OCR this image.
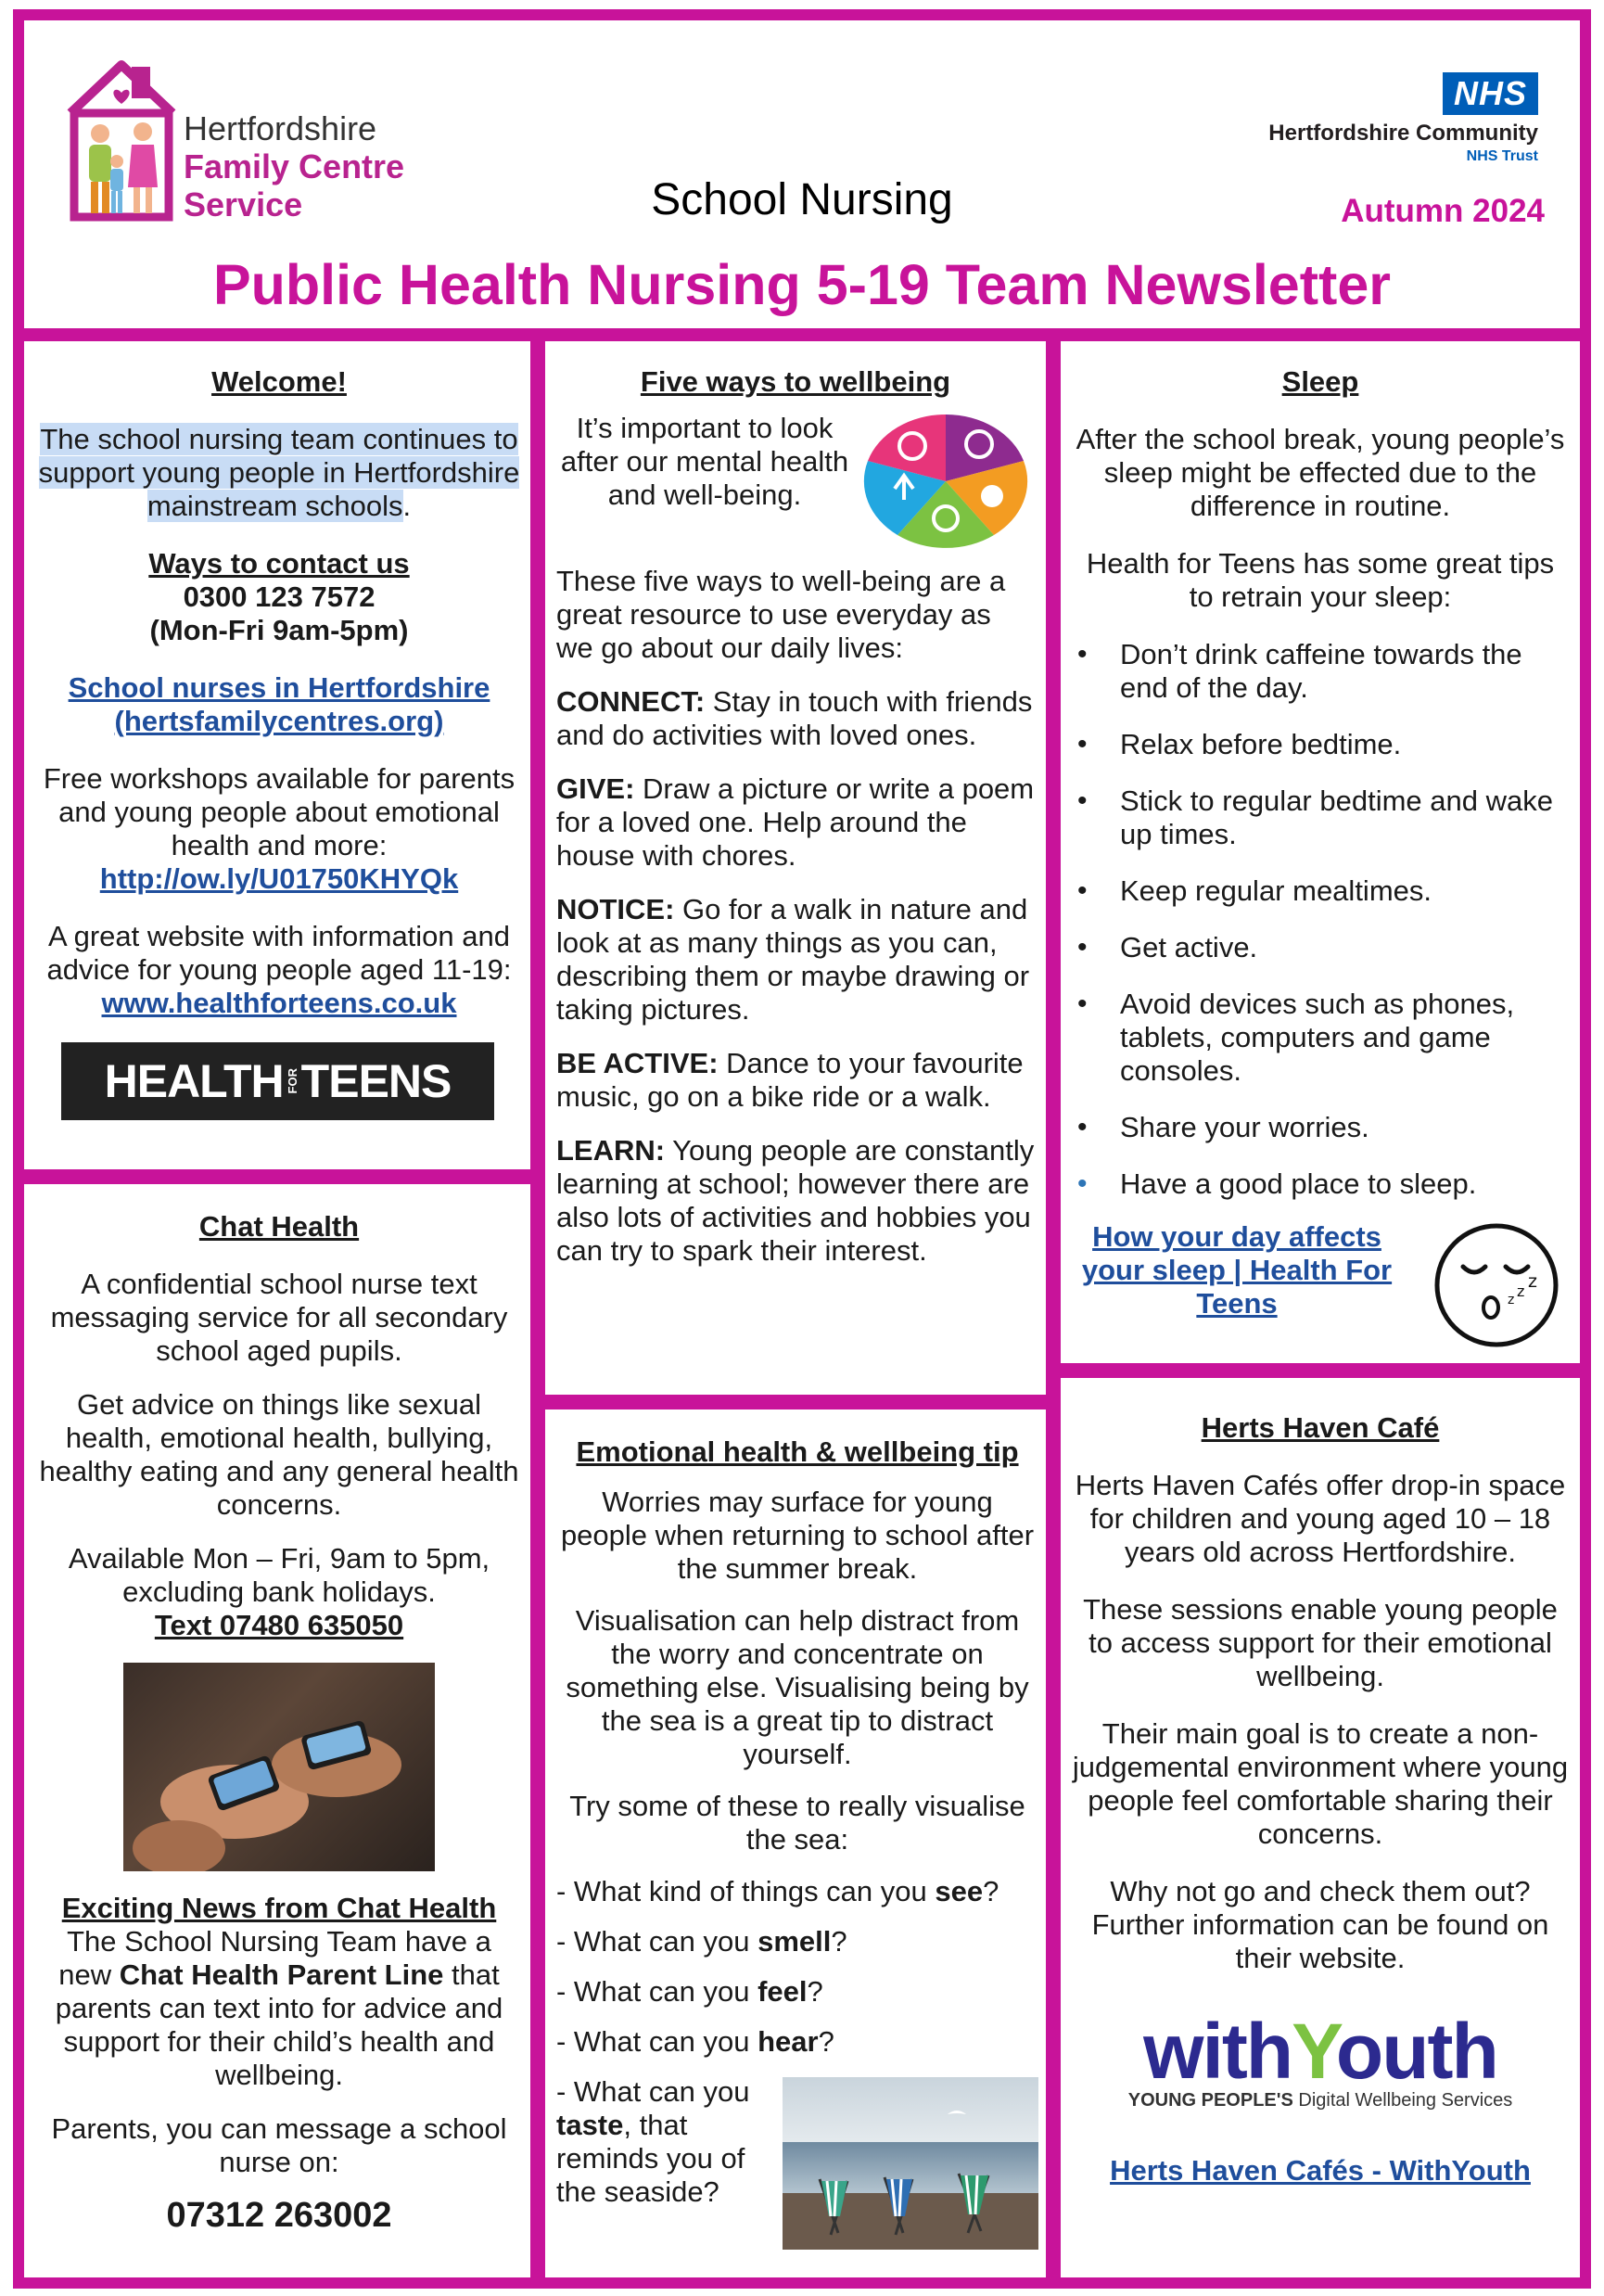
Hertfordshire
Family Centre
Service
NHS
Hertfordshire Community
NHS Trust
School Nursing	Autumn 2024
Public Health Nursing 5-19 Team Newsletter
Welcome!
The school nursing team continues to support young people in Hertfordshire mainstream schools.
Ways to contact us
0300 123 7572
(Mon-Fri 9am-5pm)
School nurses in Hertfordshire
(hertsfamilycentres.org)
Free workshops available for parents and young people about emotional health and more:
http://ow.ly/U01750KHYQk
A great website with information and advice for young people aged 11-19:
www.healthforteens.co.uk
HEALTH FOR TEENS
Chat Health
A confidential school nurse text messaging service for all secondary school aged pupils.
Get advice on things like sexual health, emotional health, bullying, healthy eating and any general health concerns.
Available Mon – Fri, 9am to 5pm, excluding bank holidays.
Text 07480 635050
Exciting News from Chat Health
The School Nursing Team have a new Chat Health Parent Line that parents can text into for advice and support for their child’s health and wellbeing.
Parents, you can message a school nurse on:
07312 263002
Five ways to wellbeing
It’s important to look after our mental health and well-being.
These five ways to well-being are a great resource to use everyday as we go about our daily lives:
CONNECT: Stay in touch with friends and do activities with loved ones.
GIVE: Draw a picture or write a poem for a loved one. Help around the house with chores.
NOTICE: Go for a walk in nature and look at as many things as you can, describing them or maybe drawing or taking pictures.
BE ACTIVE: Dance to your favourite music, go on a bike ride or a walk.
LEARN: Young people are constantly learning at school; however there are also lots of activities and hobbies you can try to spark their interest.
Emotional health & wellbeing tip
Worries may surface for young people when returning to school after the summer break.
Visualisation can help distract from the worry and concentrate on something else. Visualising being by the sea is a great tip to distract yourself.
Try some of these to really visualise the sea:
- What kind of things can you see?
- What can you smell?
- What can you feel?
- What can you hear?
- What can you taste, that reminds you of the seaside?
Sleep
After the school break, young people’s sleep might be effected due to the difference in routine.
Health for Teens has some great tips to retrain your sleep:
• Don’t drink caffeine towards the end of the day.
• Relax before bedtime.
• Stick to regular bedtime and wake up times.
• Keep regular mealtimes.
• Get active.
• Avoid devices such as phones, tablets, computers and game consoles.
• Share your worries.
• Have a good place to sleep.
How your day affects your sleep | Health For Teens	z z z
Herts Haven Café
Herts Haven Cafés offer drop-in space for children and young aged 10 – 18 years old across Hertfordshire.
These sessions enable young people to access support for their emotional wellbeing.
Their main goal is to create a non-judgemental environment where young people feel comfortable sharing their concerns.
Why not go and check them out? Further information can be found on their website.
withYouth
YOUNG PEOPLE'S Digital Wellbeing Services
Herts Haven Cafés - WithYouth
